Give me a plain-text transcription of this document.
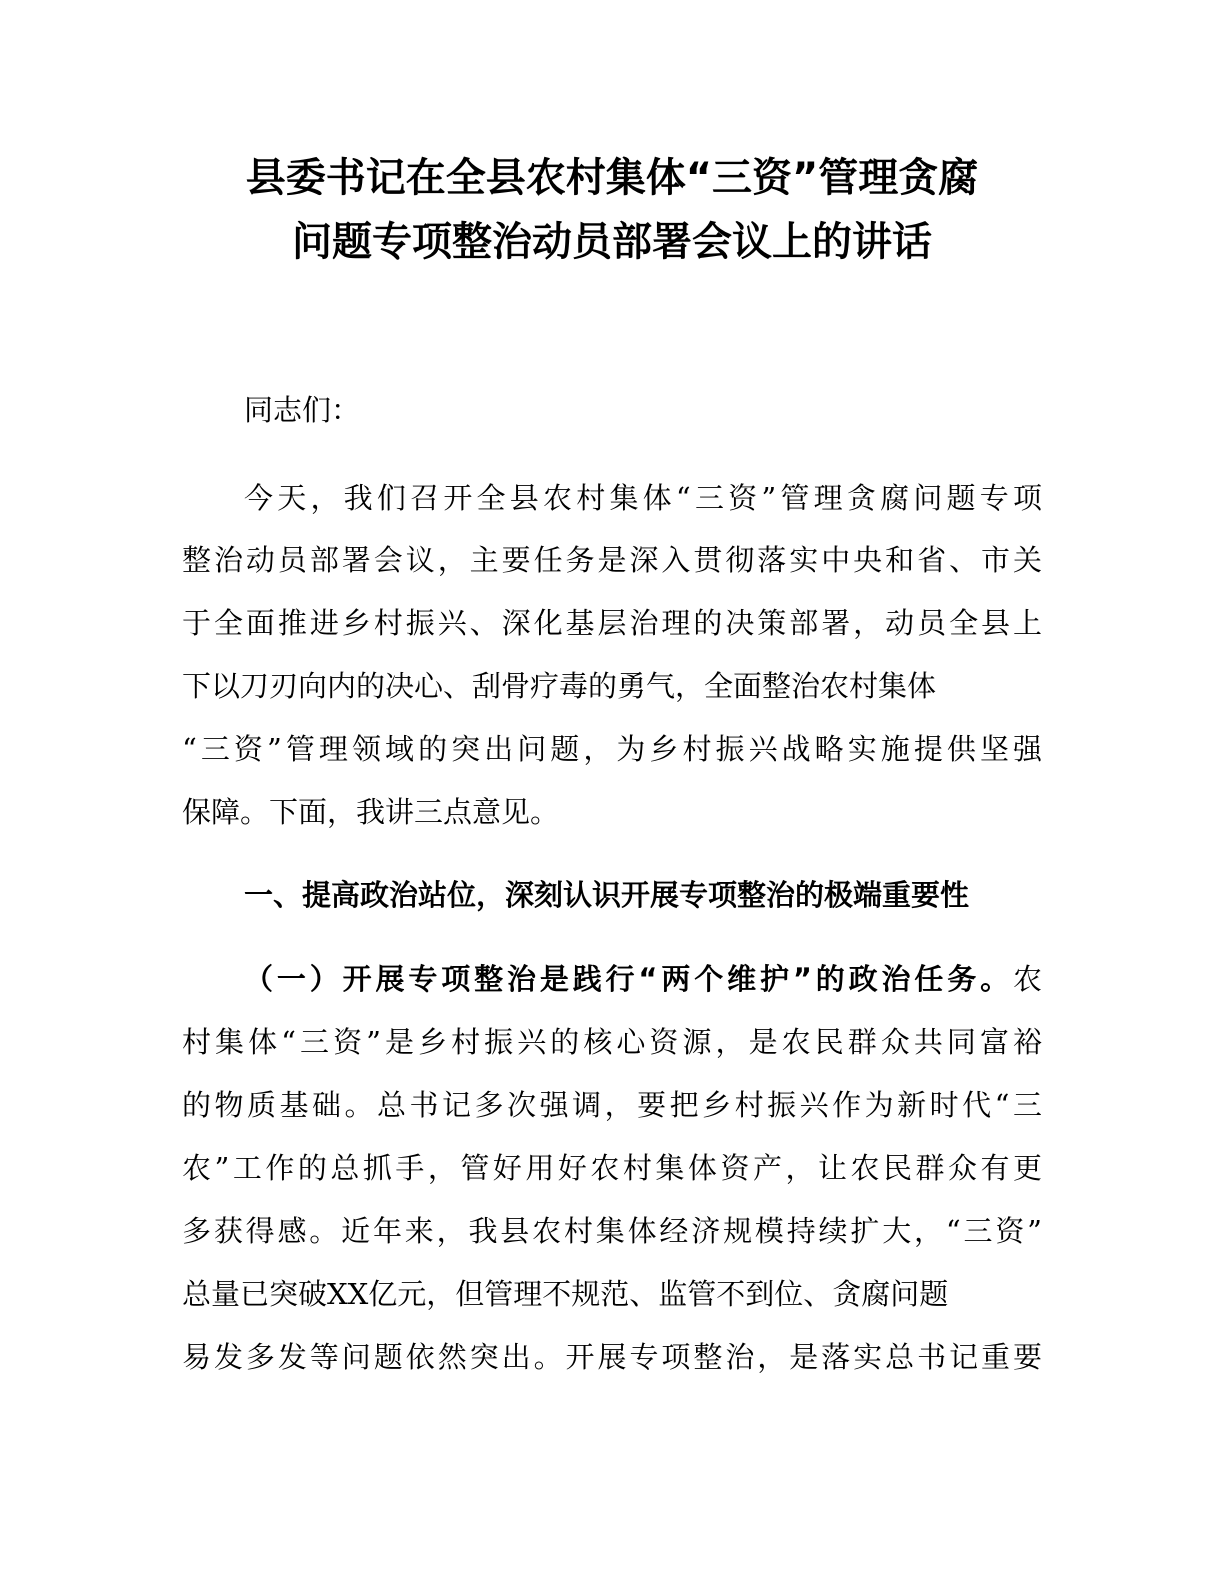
县委书记在全县农村集体“三资”管理贪腐
问题专项整治动员部署会议上的讲话
同志们：
今天，我们召开全县农村集体“三资”管理贪腐问题专项
整治动员部署会议，主要任务是深入贯彻落实中央和省、市关
于全面推进乡村振兴、深化基层治理的决策部署，动员全县上
下以刀刃向内的决心、刮骨疗毒的勇气，全面整治农村集体
“三资”管理领域的突出问题，为乡村振兴战略实施提供坚强
保障。下面，我讲三点意见。
一、提高政治站位，深刻认识开展专项整治的极端重要性
（一）开展专项整治是践行“两个维护”的政治任务。农
村集体“三资”是乡村振兴的核心资源，是农民群众共同富裕
的物质基础。总书记多次强调，要把乡村振兴作为新时代“三
农”工作的总抓手，管好用好农村集体资产，让农民群众有更
多获得感。近年来，我县农村集体经济规模持续扩大，“三资”
总量已突破XX亿元，但管理不规范、监管不到位、贪腐问题
易发多发等问题依然突出。开展专项整治，是落实总书记重要
